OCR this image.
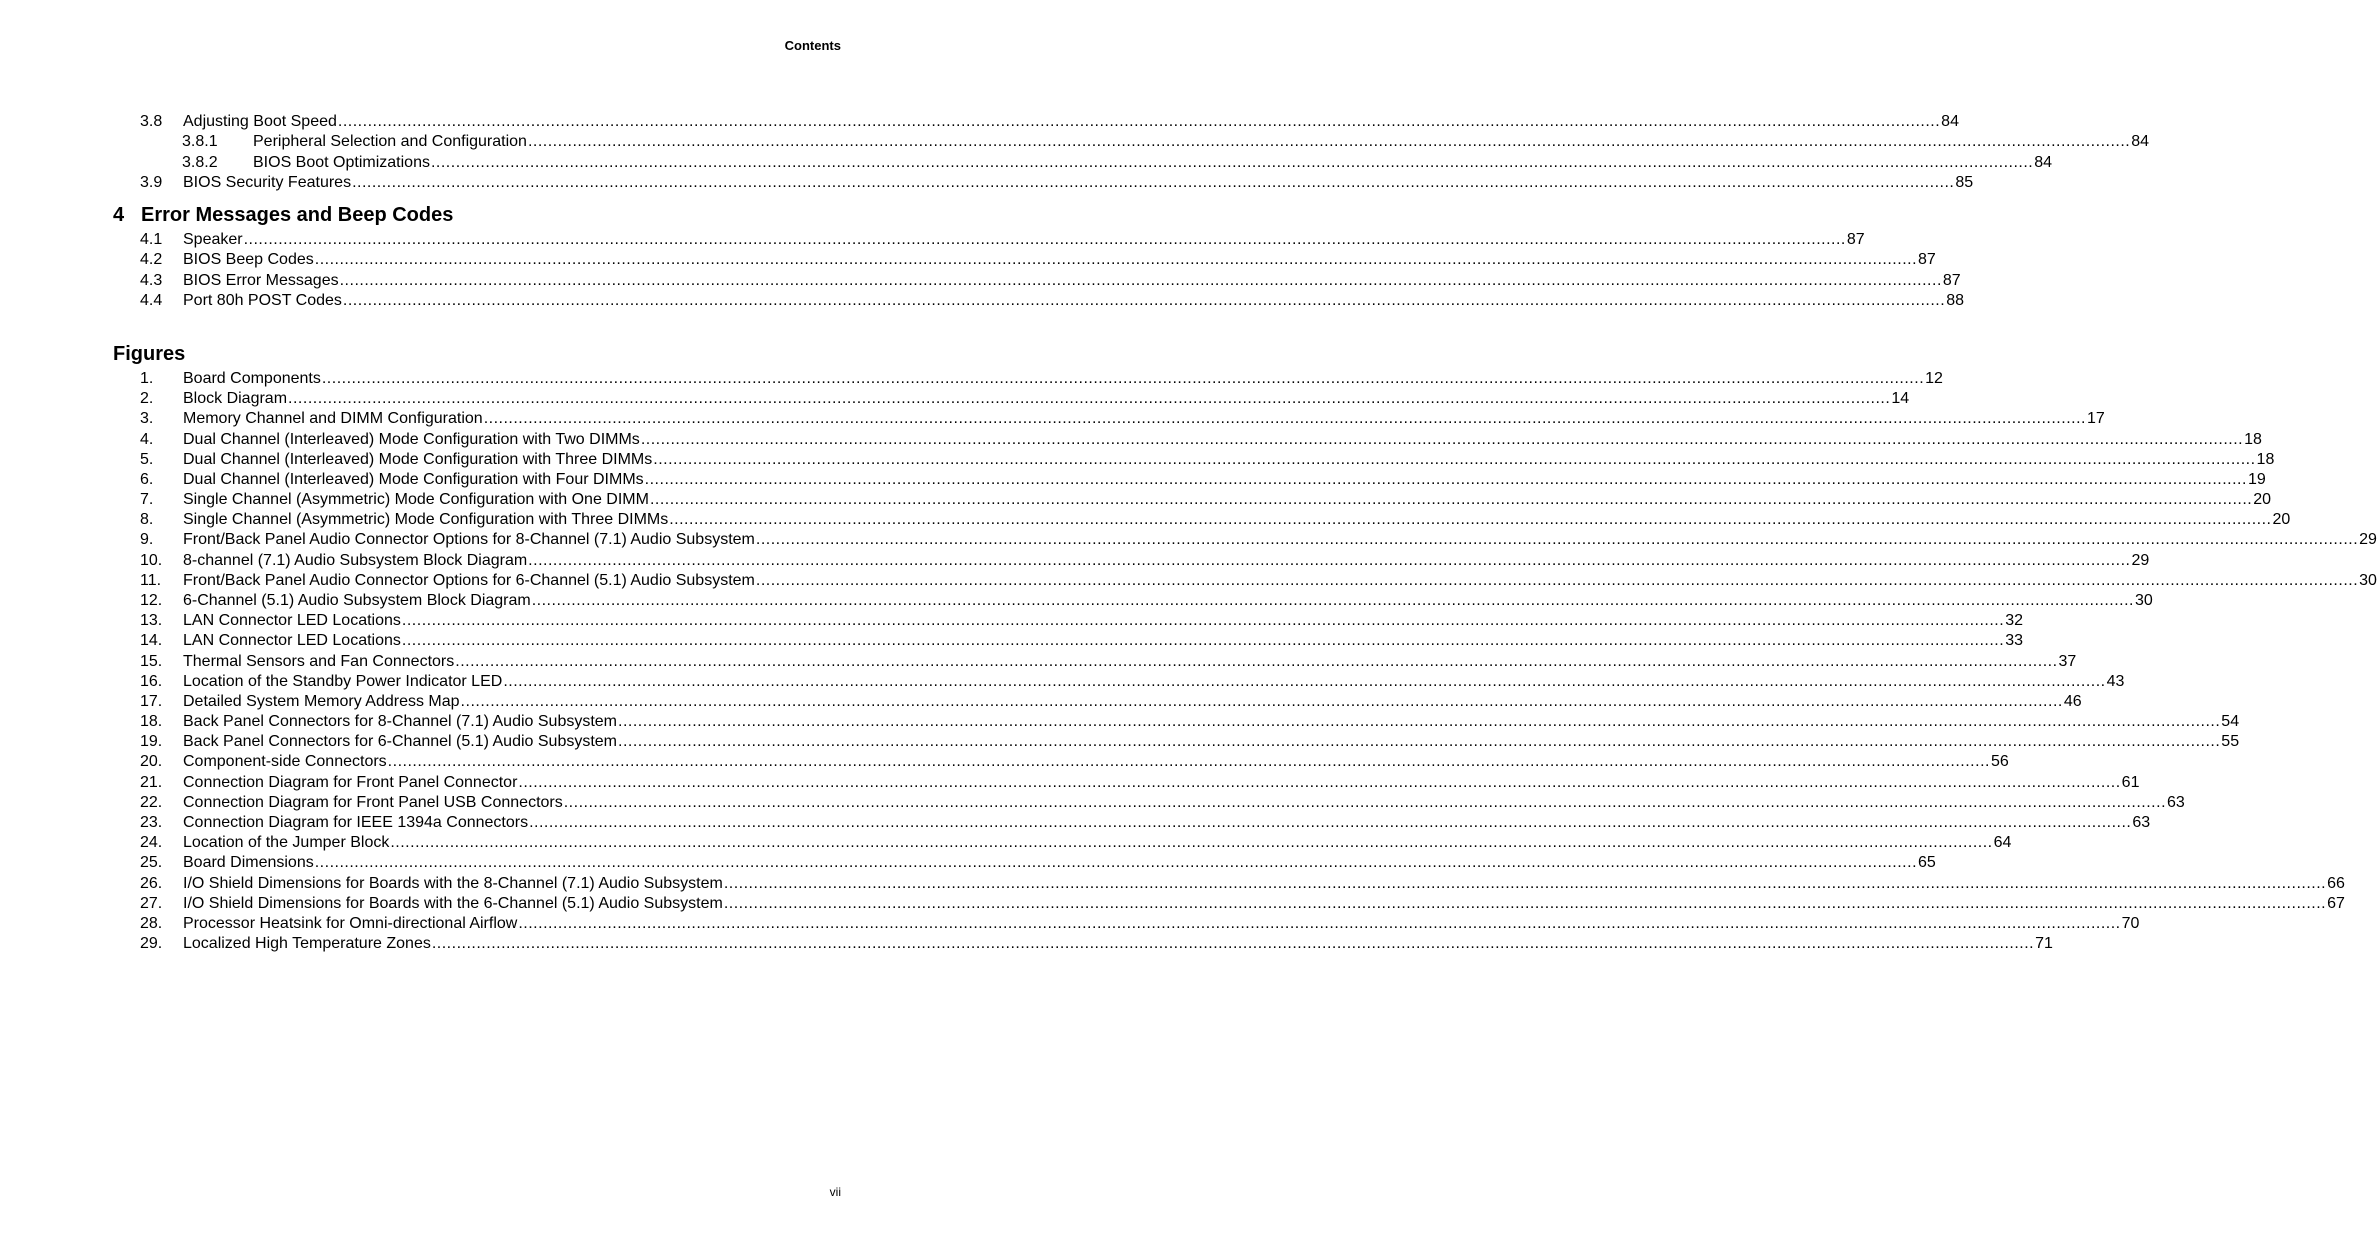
Contents
3.8 Adjusting Boot Speed .................................................................................................................................................................................................................................................................................................................................... 84
3.8.1 Peripheral Selection and Configuration .................................................................................................................................................................................................................................................................................................................................... 84
3.8.2 BIOS Boot Optimizations .................................................................................................................................................................................................................................................................................................................................... 84
3.9 BIOS Security Features .................................................................................................................................................................................................................................................................................................................................... 85
4 Error Messages and Beep Codes
4.1 Speaker .................................................................................................................................................................................................................................................................................................................................... 87
4.2 BIOS Beep Codes .................................................................................................................................................................................................................................................................................................................................... 87
4.3 BIOS Error Messages .................................................................................................................................................................................................................................................................................................................................... 87
4.4 Port 80h POST Codes .................................................................................................................................................................................................................................................................................................................................... 88
Figures
1. Board Components .................................................................................................................................................................................................................................................................................................................................... 12
2. Block Diagram .................................................................................................................................................................................................................................................................................................................................... 14
3. Memory Channel and DIMM Configuration .................................................................................................................................................................................................................................................................................................................................... 17
4. Dual Channel (Interleaved) Mode Configuration with Two DIMMs .................................................................................................................................................................................................................................................................................................................................... 18
5. Dual Channel (Interleaved) Mode Configuration with Three DIMMs .................................................................................................................................................................................................................................................................................................................................... 18
6. Dual Channel (Interleaved) Mode Configuration with Four DIMMs .................................................................................................................................................................................................................................................................................................................................... 19
7. Single Channel (Asymmetric) Mode Configuration with One DIMM .................................................................................................................................................................................................................................................................................................................................... 20
8. Single Channel (Asymmetric) Mode Configuration with Three DIMMs .................................................................................................................................................................................................................................................................................................................................... 20
9. Front/Back Panel Audio Connector Options for 8-Channel (7.1) Audio Subsystem .................................................................................................................................................................................................................................................................................................................................... 29
10. 8-channel (7.1) Audio Subsystem Block Diagram .................................................................................................................................................................................................................................................................................................................................... 29
11. Front/Back Panel Audio Connector Options for 6-Channel (5.1) Audio Subsystem .................................................................................................................................................................................................................................................................................................................................... 30
12. 6-Channel (5.1) Audio Subsystem Block Diagram .................................................................................................................................................................................................................................................................................................................................... 30
13. LAN Connector LED Locations .................................................................................................................................................................................................................................................................................................................................... 32
14. LAN Connector LED Locations .................................................................................................................................................................................................................................................................................................................................... 33
15. Thermal Sensors and Fan Connectors .................................................................................................................................................................................................................................................................................................................................... 37
16. Location of the Standby Power Indicator LED .................................................................................................................................................................................................................................................................................................................................... 43
17. Detailed System Memory Address Map .................................................................................................................................................................................................................................................................................................................................... 46
18. Back Panel Connectors for 8-Channel (7.1) Audio Subsystem .................................................................................................................................................................................................................................................................................................................................... 54
19. Back Panel Connectors for 6-Channel (5.1) Audio Subsystem .................................................................................................................................................................................................................................................................................................................................... 55
20. Component-side Connectors .................................................................................................................................................................................................................................................................................................................................... 56
21. Connection Diagram for Front Panel Connector .................................................................................................................................................................................................................................................................................................................................... 61
22. Connection Diagram for Front Panel USB Connectors .................................................................................................................................................................................................................................................................................................................................... 63
23. Connection Diagram for IEEE 1394a Connectors .................................................................................................................................................................................................................................................................................................................................... 63
24. Location of the Jumper Block .................................................................................................................................................................................................................................................................................................................................... 64
25. Board Dimensions .................................................................................................................................................................................................................................................................................................................................... 65
26. I/O Shield Dimensions for Boards with the 8-Channel (7.1) Audio Subsystem .................................................................................................................................................................................................................................................................................................................................... 66
27. I/O Shield Dimensions for Boards with the 6-Channel (5.1) Audio Subsystem .................................................................................................................................................................................................................................................................................................................................... 67
28. Processor Heatsink for Omni-directional Airflow .................................................................................................................................................................................................................................................................................................................................... 70
29. Localized High Temperature Zones .................................................................................................................................................................................................................................................................................................................................... 71
vii
